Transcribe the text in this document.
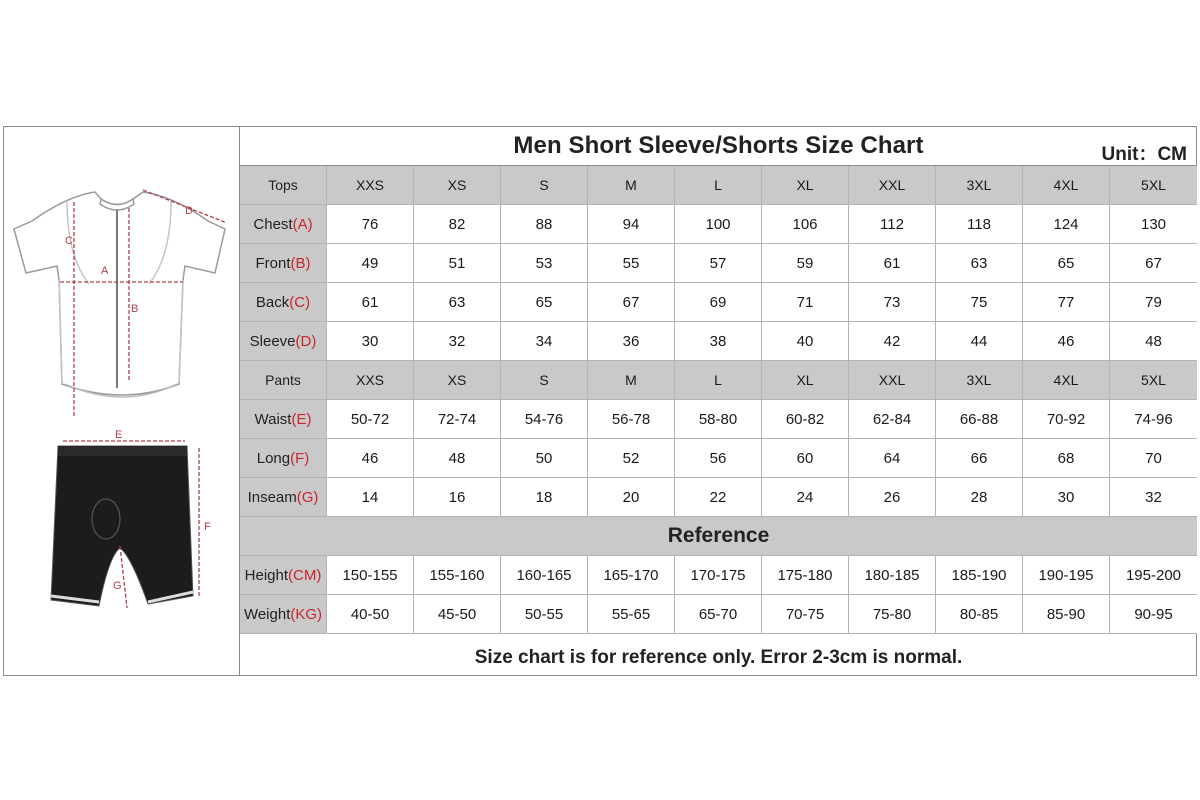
A
B
C
D
E
F
G
Men Short Sleeve/Shorts Size Chart	Unit：CM
Tops	XXS	XS	S	M	L	XL	XXL	3XL	4XL	5XL
Chest(A)	76	82	88	94	100	106	112	118	124	130
Front(B)	49	51	53	55	57	59	61	63	65	67
Back(C)	61	63	65	67	69	71	73	75	77	79
Sleeve(D)	30	32	34	36	38	40	42	44	46	48
Pants	XXS	XS	S	M	L	XL	XXL	3XL	4XL	5XL
Waist(E)	50-72	72-74	54-76	56-78	58-80	60-82	62-84	66-88	70-92	74-96
Long(F)	46	48	50	52	56	60	64	66	68	70
Inseam(G)	14	16	18	20	22	24	26	28	30	32
Reference										
Height(CM)	150-155	155-160	160-165	165-170	170-175	175-180	180-185	185-190	190-195	195-200
Weight(KG)	40-50	45-50	50-55	55-65	65-70	70-75	75-80	80-85	85-90	90-95
Size chart is for reference only. Error 2-3cm is normal.
